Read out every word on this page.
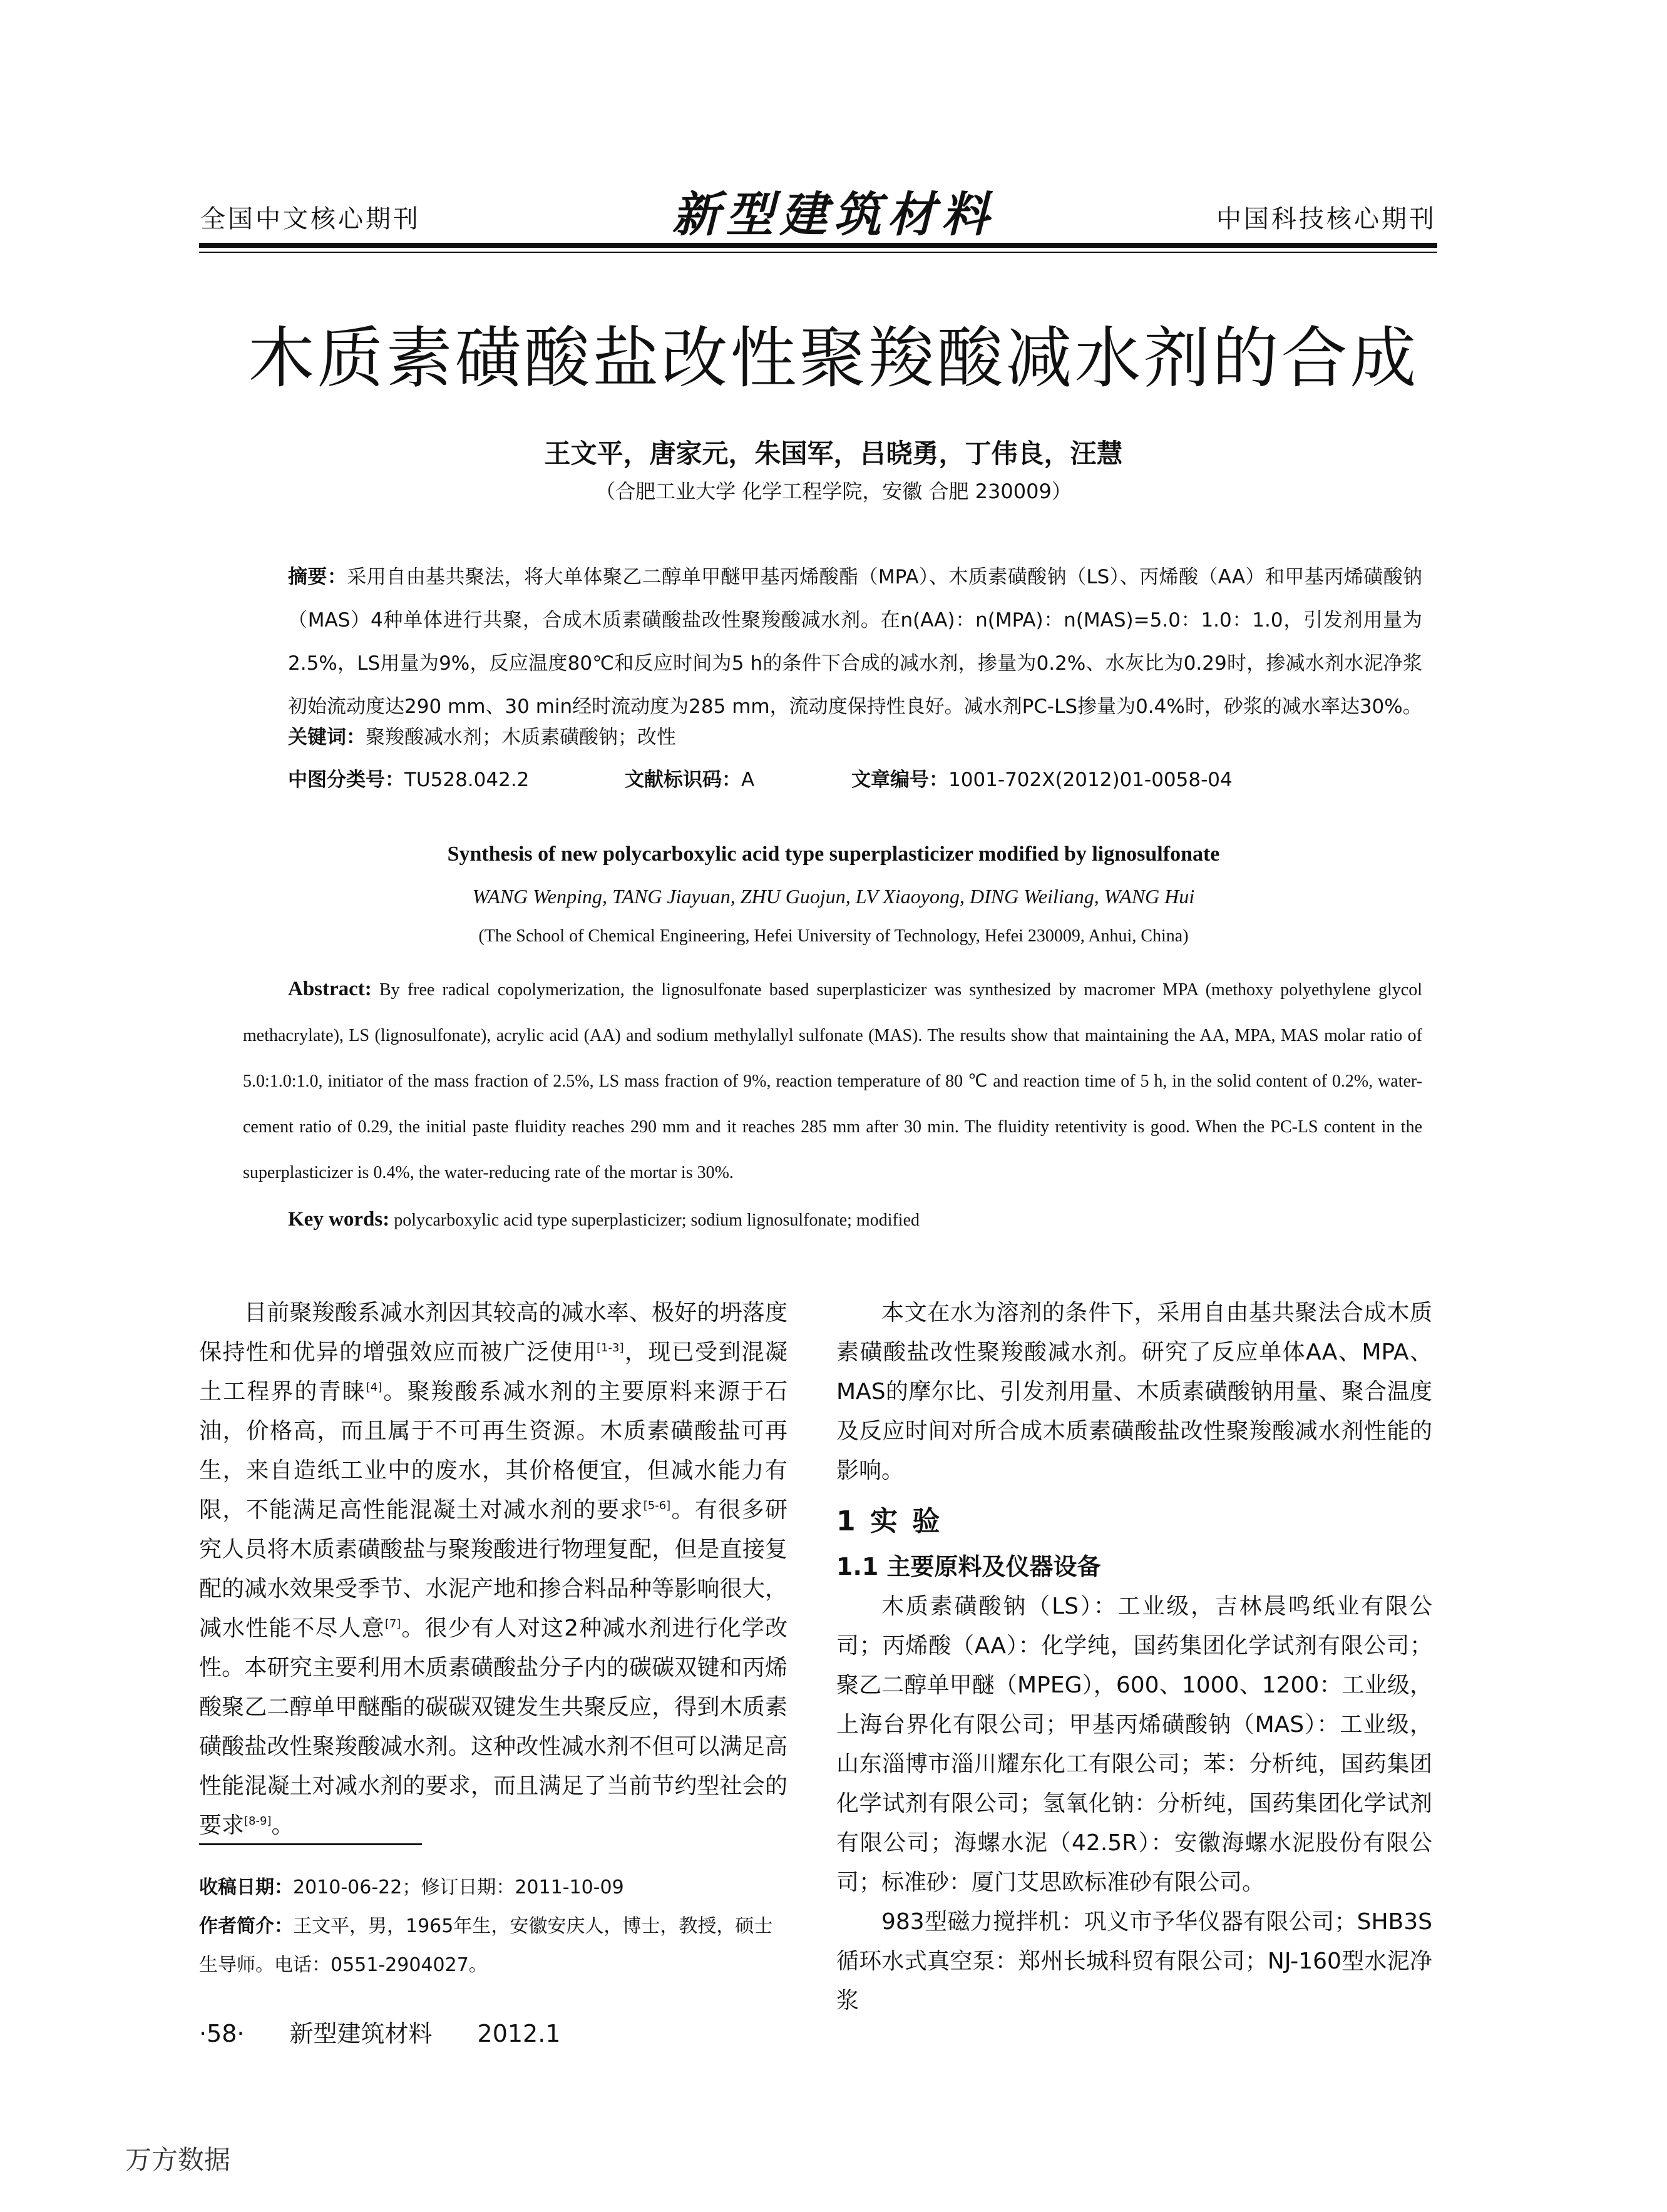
全国中文核心期刊	新型建筑材料	中国科技核心期刊
木质素磺酸盐改性聚羧酸减水剂的合成
王文平，唐家元，朱国军，吕晓勇，丁伟良，汪慧
（合肥工业大学 化学工程学院，安徽 合肥 230009）
摘要：采用自由基共聚法，将大单体聚乙二醇单甲醚甲基丙烯酸酯（MPA）、木质素磺酸钠（LS）、丙烯酸（AA）和甲基丙烯磺酸钠（MAS）4种单体进行共聚，合成木质素磺酸盐改性聚羧酸减水剂。在n(AA)：n(MPA)：n(MAS)=5.0：1.0：1.0，引发剂用量为2.5%，LS用量为9%，反应温度80℃和反应时间为5 h的条件下合成的减水剂，掺量为0.2%、水灰比为0.29时，掺减水剂水泥净浆初始流动度达290 mm、30 min经时流动度为285 mm，流动度保持性良好。减水剂PC-LS掺量为0.4%时，砂浆的减水率达30%。
关键词：聚羧酸减水剂；木质素磺酸钠；改性
中图分类号：TU528.042.2	文献标识码：A	文章编号：1001-702X(2012)01-0058-04
Synthesis of new polycarboxylic acid type superplasticizer modified by lignosulfonate
WANG Wenping, TANG Jiayuan, ZHU Guojun, LV Xiaoyong, DING Weiliang, WANG Hui
(The School of Chemical Engineering, Hefei University of Technology, Hefei 230009, Anhui, China)
Abstract: By free radical copolymerization, the lignosulfonate based superplasticizer was synthesized by macromer MPA (methoxy polyethylene glycol methacrylate), LS (lignosulfonate), acrylic acid (AA) and sodium methylallyl sulfonate (MAS). The results show that maintaining the AA, MPA, MAS molar ratio of 5.0:1.0:1.0, initiator of the mass fraction of 2.5%, LS mass fraction of 9%, reaction temperature of 80 ℃ and reaction time of 5 h, in the solid content of 0.2%, water-cement ratio of 0.29, the initial paste fluidity reaches 290 mm and it reaches 285 mm after 30 min. The fluidity retentivity is good. When the PC-LS content in the superplasticizer is 0.4%, the water-reducing rate of the mortar is 30%.
Key words: polycarboxylic acid type superplasticizer; sodium lignosulfonate; modified

目前聚羧酸系减水剂因其较高的减水率、极好的坍落度保持性和优异的增强效应而被广泛使用[1-3]，现已受到混凝土工程界的青睐[4]。聚羧酸系减水剂的主要原料来源于石油，价格高，而且属于不可再生资源。木质素磺酸盐可再生，来自造纸工业中的废水，其价格便宜，但减水能力有限，不能满足高性能混凝土对减水剂的要求[5-6]。有很多研究人员将木质素磺酸盐与聚羧酸进行物理复配，但是直接复配的减水效果受季节、水泥产地和掺合料品种等影响很大，减水性能不尽人意[7]。很少有人对这2种减水剂进行化学改性。本研究主要利用木质素磺酸盐分子内的碳碳双键和丙烯酸聚乙二醇单甲醚酯的碳碳双键发生共聚反应，得到木质素磺酸盐改性聚羧酸减水剂。这种改性减水剂不但可以满足高性能混凝土对减水剂的要求，而且满足了当前节约型社会的要求[8-9]。

收稿日期：2010-06-22；修订日期：2011-10-09
作者简介：王文平，男，1965年生，安徽安庆人，博士，教授，硕士生导师。电话：0551-2904027。

本文在水为溶剂的条件下，采用自由基共聚法合成木质素磺酸盐改性聚羧酸减水剂。研究了反应单体AA、MPA、MAS的摩尔比、引发剂用量、木质素磺酸钠用量、聚合温度及反应时间对所合成木质素磺酸盐改性聚羧酸减水剂性能的影响。

1 实 验
1.1 主要原料及仪器设备

木质素磺酸钠（LS）：工业级，吉林晨鸣纸业有限公司；丙烯酸（AA）：化学纯，国药集团化学试剂有限公司；聚乙二醇单甲醚（MPEG），600、1000、1200：工业级，上海台界化有限公司；甲基丙烯磺酸钠（MAS）：工业级，山东淄博市淄川耀东化工有限公司；苯：分析纯，国药集团化学试剂有限公司；氢氧化钠：分析纯，国药集团化学试剂有限公司；海螺水泥（42.5R）：安徽海螺水泥股份有限公司；标准砂：厦门艾思欧标准砂有限公司。

983型磁力搅拌机：巩义市予华仪器有限公司；SHB3S循环水式真空泵：郑州长城科贸有限公司；NJ-160型水泥净浆

·58· 新型建筑材料 2012.1
万方数据
